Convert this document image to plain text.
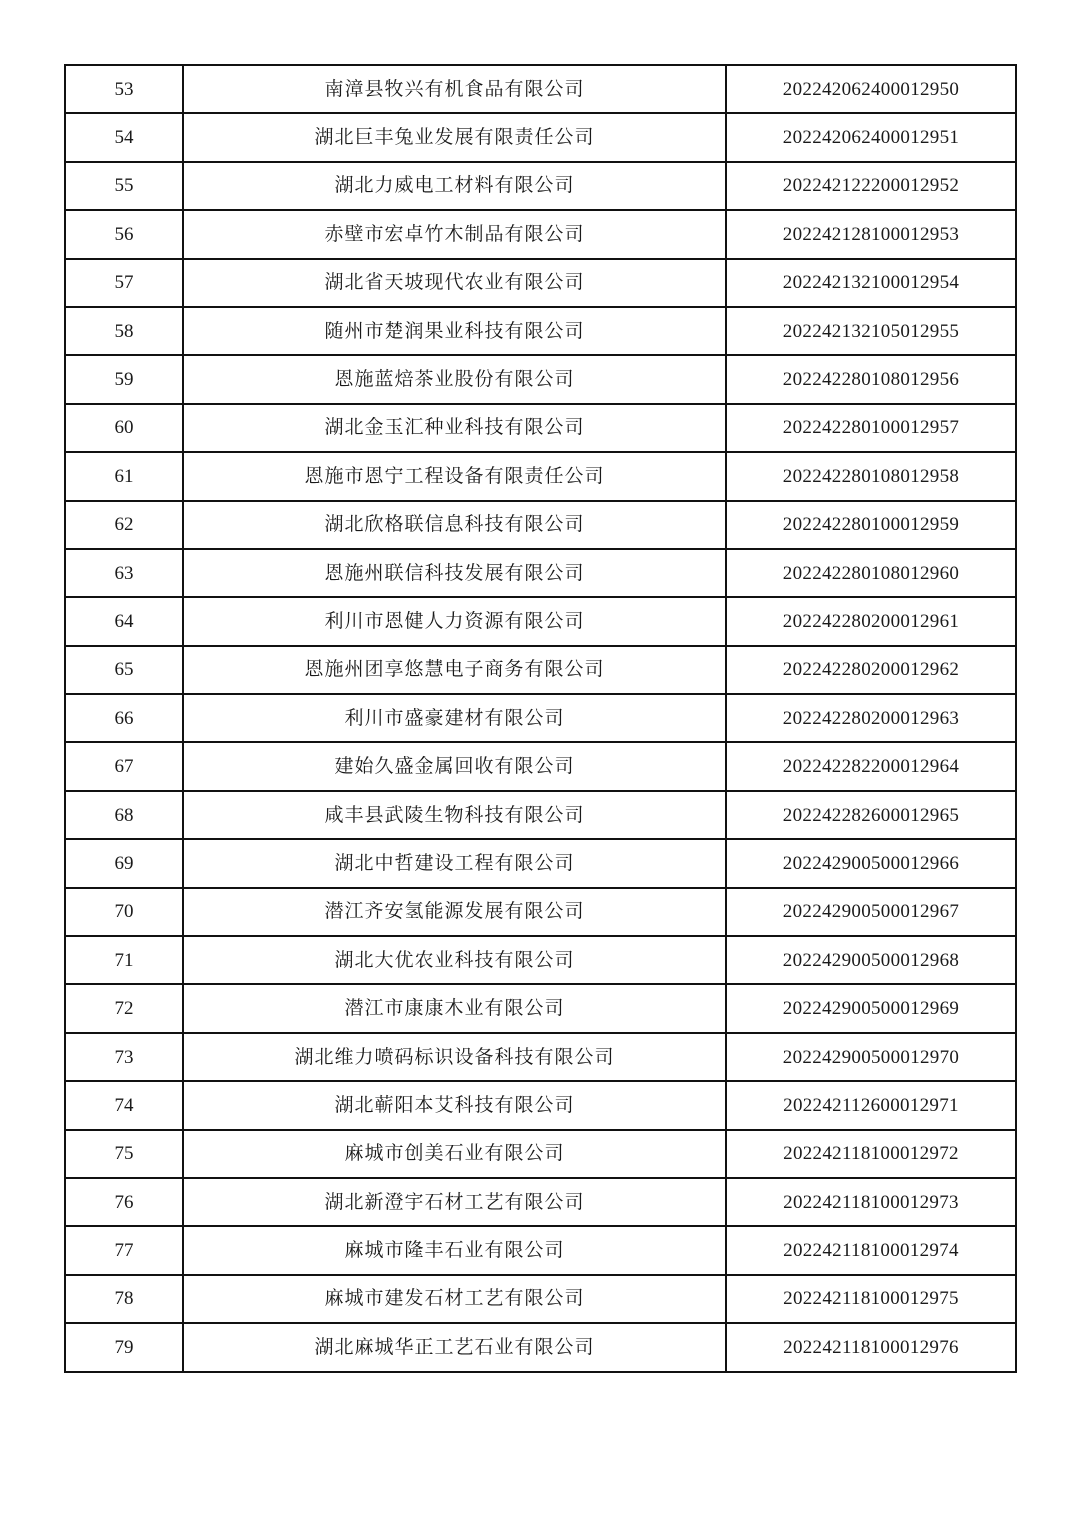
53	南漳县牧兴有机食品有限公司	202242062400012950
54	湖北巨丰兔业发展有限责任公司	202242062400012951
55	湖北力威电工材料有限公司	202242122200012952
56	赤壁市宏卓竹木制品有限公司	202242128100012953
57	湖北省天坡现代农业有限公司	202242132100012954
58	随州市楚润果业科技有限公司	202242132105012955
59	恩施蓝焙茶业股份有限公司	202242280108012956
60	湖北金玉汇种业科技有限公司	202242280100012957
61	恩施市恩宁工程设备有限责任公司	202242280108012958
62	湖北欣格联信息科技有限公司	202242280100012959
63	恩施州联信科技发展有限公司	202242280108012960
64	利川市恩健人力资源有限公司	202242280200012961
65	恩施州团享悠慧电子商务有限公司	202242280200012962
66	利川市盛豪建材有限公司	202242280200012963
67	建始久盛金属回收有限公司	202242282200012964
68	咸丰县武陵生物科技有限公司	202242282600012965
69	湖北中哲建设工程有限公司	202242900500012966
70	潜江齐安氢能源发展有限公司	202242900500012967
71	湖北大优农业科技有限公司	202242900500012968
72	潜江市康康木业有限公司	202242900500012969
73	湖北维力喷码标识设备科技有限公司	202242900500012970
74	湖北蕲阳本艾科技有限公司	202242112600012971
75	麻城市创美石业有限公司	202242118100012972
76	湖北新澄宇石材工艺有限公司	202242118100012973
77	麻城市隆丰石业有限公司	202242118100012974
78	麻城市建发石材工艺有限公司	202242118100012975
79	湖北麻城华正工艺石业有限公司	202242118100012976
